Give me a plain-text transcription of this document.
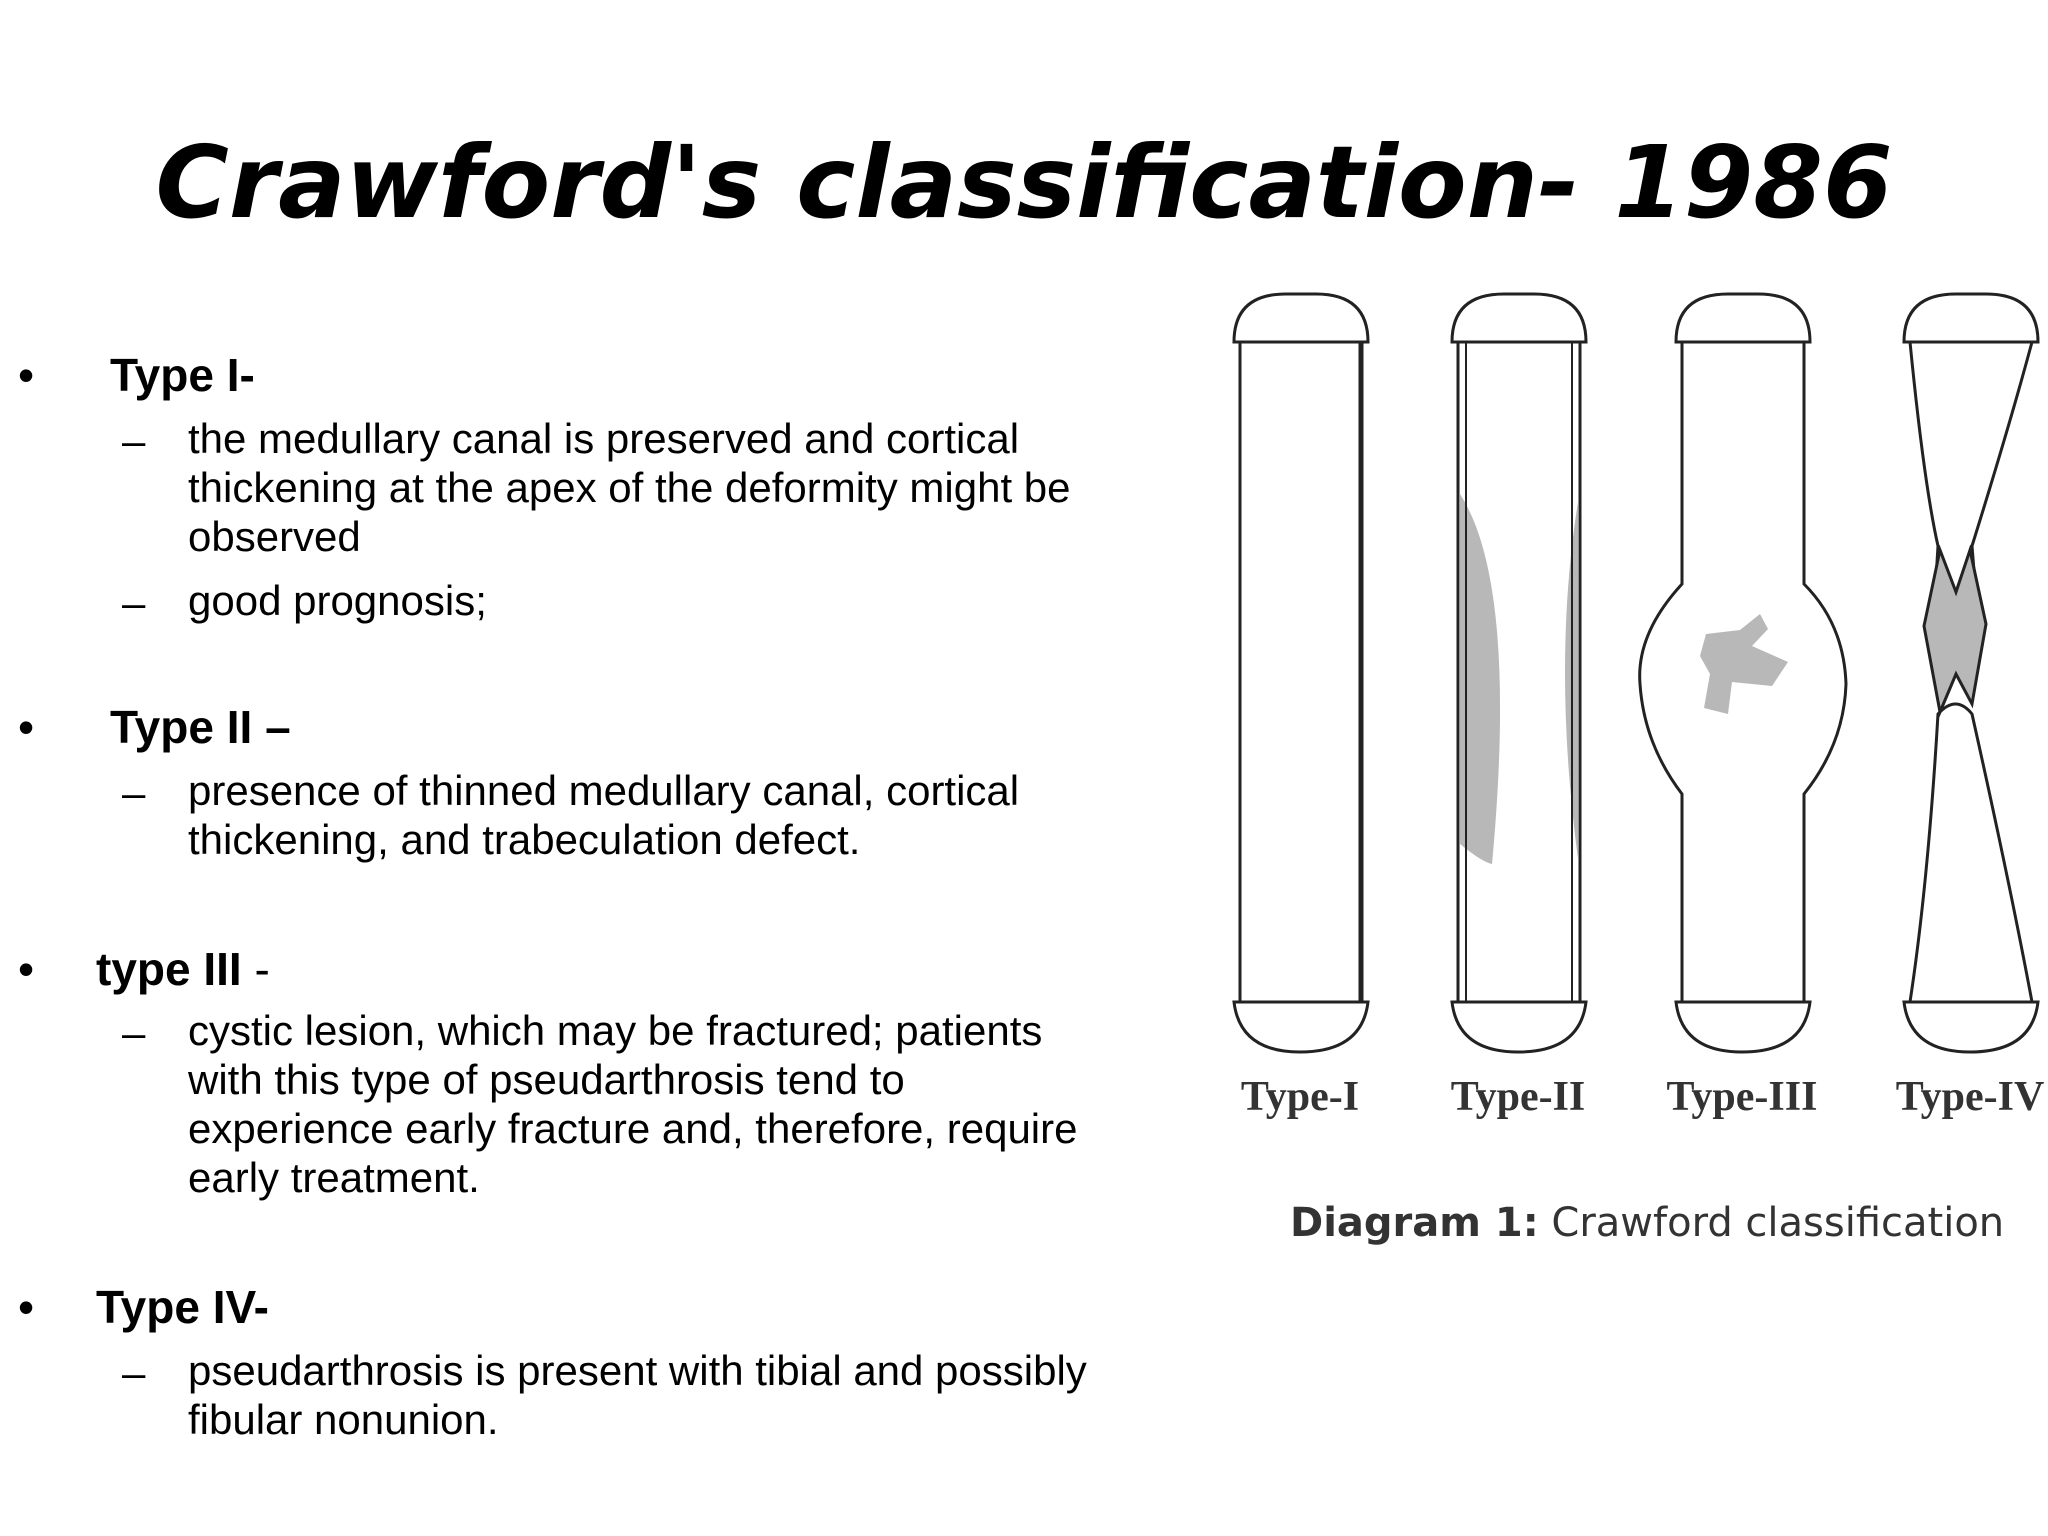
Crawford's classification- 1986
• Type I-
– the medullary canal is preserved and cortical
thickening at the apex of the deformity might be
observed
– good prognosis;
• Type II –
– presence of thinned medullary canal, cortical
thickening, and trabeculation defect.
• type III -
– cystic lesion, which may be fractured; patients
with this type of pseudarthrosis tend to
experience early fracture and, therefore, require
early treatment.
• Type IV-
– pseudarthrosis is present with tibial and possibly
fibular nonunion.
Type-I Type-II Type-III Type-IV
Diagram 1: Crawford classification
